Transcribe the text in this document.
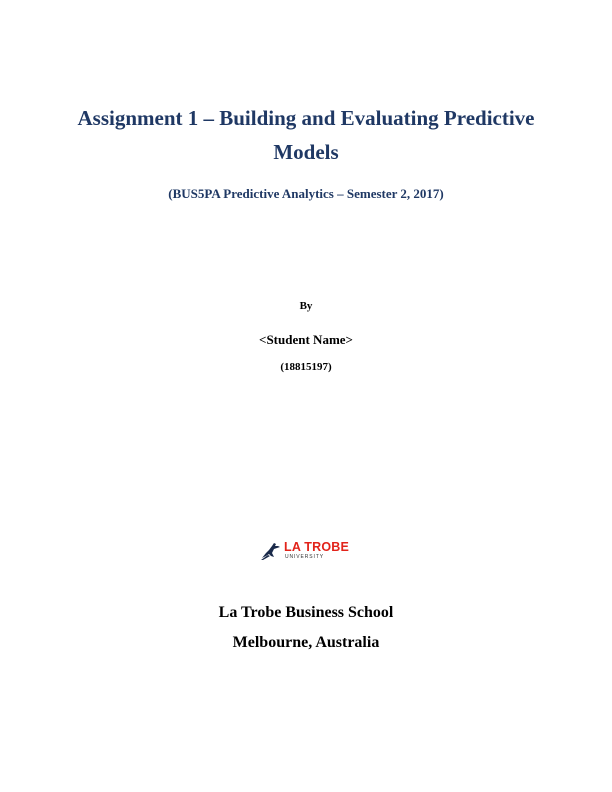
Assignment 1 – Building and Evaluating Predictive
Models
(BUS5PA Predictive Analytics – Semester 2, 2017)
By
<Student Name>
(18815197)
LA TROBE
UNIVERSITY
La Trobe Business School
Melbourne, Australia
